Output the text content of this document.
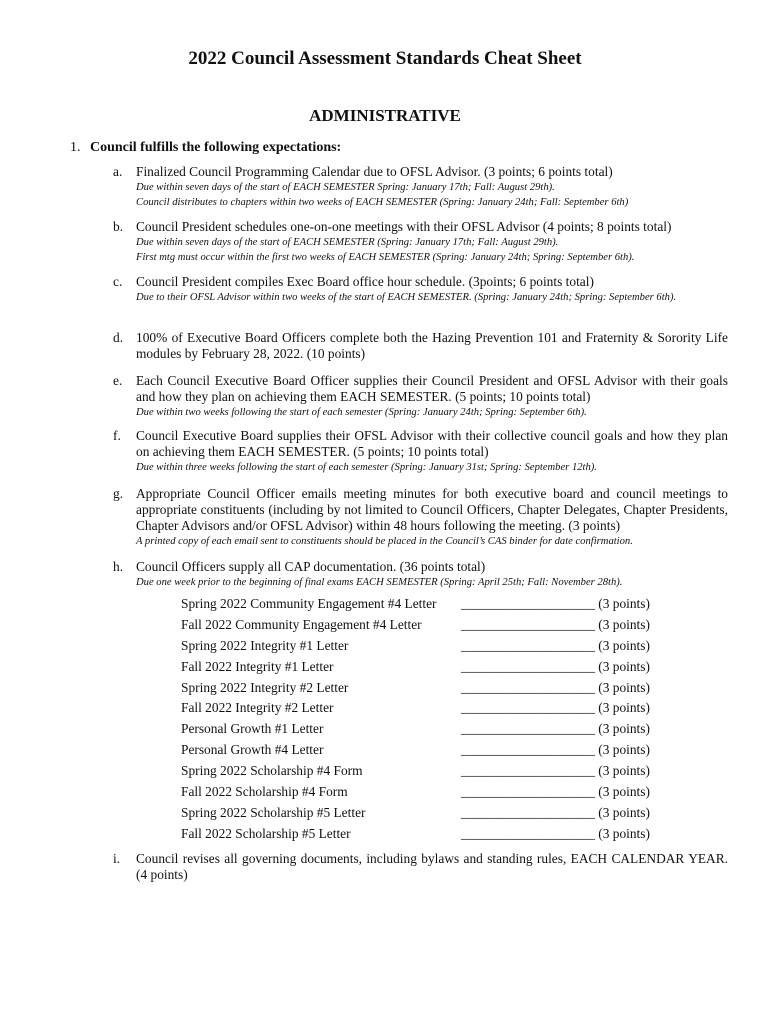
2022 Council Assessment Standards Cheat Sheet
ADMINISTRATIVE
1. Council fulfills the following expectations:
a.	Finalized Council Programming Calendar due to OFSL Advisor. (3 points; 6 points total)
Due within seven days of the start of EACH SEMESTER Spring: January 17th; Fall: August 29th).
Council distributes to chapters within two weeks of EACH SEMESTER (Spring: January 24th; Fall: September 6th)
b. Council President schedules one-on-one meetings with their OFSL Advisor (4 points; 8 points total)
Due within seven days of the start of EACH SEMESTER (Spring: January 17th; Fall: August 29th).
First mtg must occur within the first two weeks of EACH SEMESTER (Spring: January 24th; Spring: September 6th).
c.	Council President compiles Exec Board office hour schedule. (3points; 6 points total)
Due to their OFSL Advisor within two weeks of the start of EACH SEMESTER. (Spring: January 24th; Spring: September 6th).
d. 100% of Executive Board Officers complete both the Hazing Prevention 101 and Fraternity & Sorority Life modules by February 28, 2022. (10 points)
e.	Each Council Executive Board Officer supplies their Council President and OFSL Advisor with their goals and how they plan on achieving them EACH SEMESTER. (5 points; 10 points total)
Due within two weeks following the start of each semester (Spring: January 24th; Spring: September 6th).
f.	Council Executive Board supplies their OFSL Advisor with their collective council goals and how they plan on achieving them EACH SEMESTER. (5 points; 10 points total)
Due within three weeks following the start of each semester (Spring: January 31st; Spring: September 12th).
g. Appropriate Council Officer emails meeting minutes for both executive board and council meetings to appropriate constituents (including by not limited to Council Officers, Chapter Delegates, Chapter Presidents, Chapter Advisors and/or OFSL Advisor) within 48 hours following the meeting. (3 points)
A printed copy of each email sent to constituents should be placed in the Council’s CAS binder for date confirmation.
h. Council Officers supply all CAP documentation. (36 points total)
Due one week prior to the beginning of final exams EACH SEMESTER (Spring: April 25th; Fall: November 28th).
Spring 2022 Community Engagement #4 Letter ____________________ (3 points)
Fall 2022 Community Engagement #4 Letter	____________________ (3 points)
Spring 2022 Integrity #1 Letter	____________________ (3 points)
Fall 2022 Integrity #1 Letter	____________________ (3 points)
Spring 2022 Integrity #2 Letter	____________________ (3 points)
Fall 2022 Integrity #2 Letter	____________________ (3 points)
Personal Growth #1 Letter	____________________ (3 points)
Personal Growth #4 Letter	____________________ (3 points)
Spring 2022 Scholarship #4 Form	____________________ (3 points)
Fall 2022 Scholarship #4 Form	____________________ (3 points)
Spring 2022 Scholarship #5 Letter	____________________ (3 points)
Fall 2022 Scholarship #5 Letter	____________________ (3 points)
i.	Council revises all governing documents, including bylaws and standing rules, EACH CALENDAR YEAR. (4 points)
